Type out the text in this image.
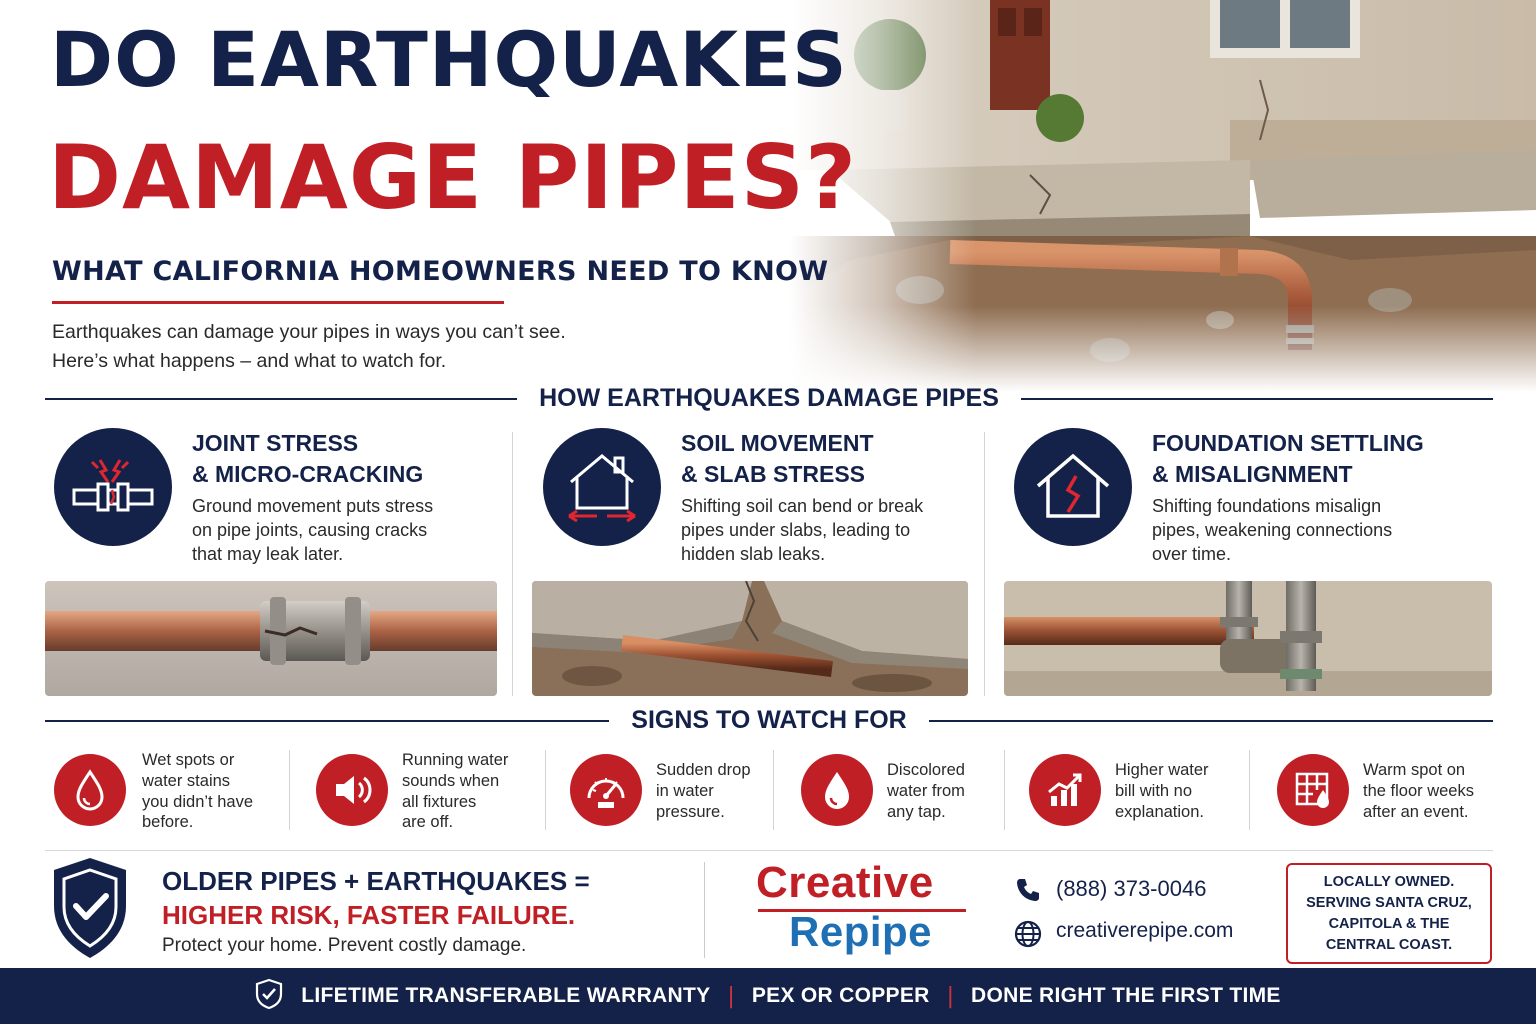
DO EARTHQUAKES
DAMAGE PIPES?
WHAT CALIFORNIA HOMEOWNERS NEED TO KNOW
Earthquakes can damage your pipes in ways you can’t see.
Here’s what happens – and what to watch for.
HOW EARTHQUAKES DAMAGE PIPES
JOINT STRESS
& MICRO-CRACKING
Ground movement puts stress
on pipe joints, causing cracks
that may leak later.
SOIL MOVEMENT
& SLAB STRESS
Shifting soil can bend or break
pipes under slabs, leading to
hidden slab leaks.
FOUNDATION SETTLING
& MISALIGNMENT
Shifting foundations misalign
pipes, weakening connections
over time.
SIGNS TO WATCH FOR
Wet spots or
water stains
you didn’t have
before.
Running water
sounds when
all fixtures
are off.
Sudden drop
in water
pressure.
Discolored
water from
any tap.
Higher water
bill with no
explanation.
Warm spot on
the floor weeks
after an event.
OLDER PIPES + EARTHQUAKES =
HIGHER RISK, FASTER FAILURE.
Protect your home. Prevent costly damage.
Creative
Repipe
(888) 373-0046
creativerepipe.com
LOCALLY OWNED.
SERVING SANTA CRUZ,
CAPITOLA & THE
CENTRAL COAST.
LIFETIME TRANSFERABLE WARRANTY | PEX OR COPPER | DONE RIGHT THE FIRST TIME
